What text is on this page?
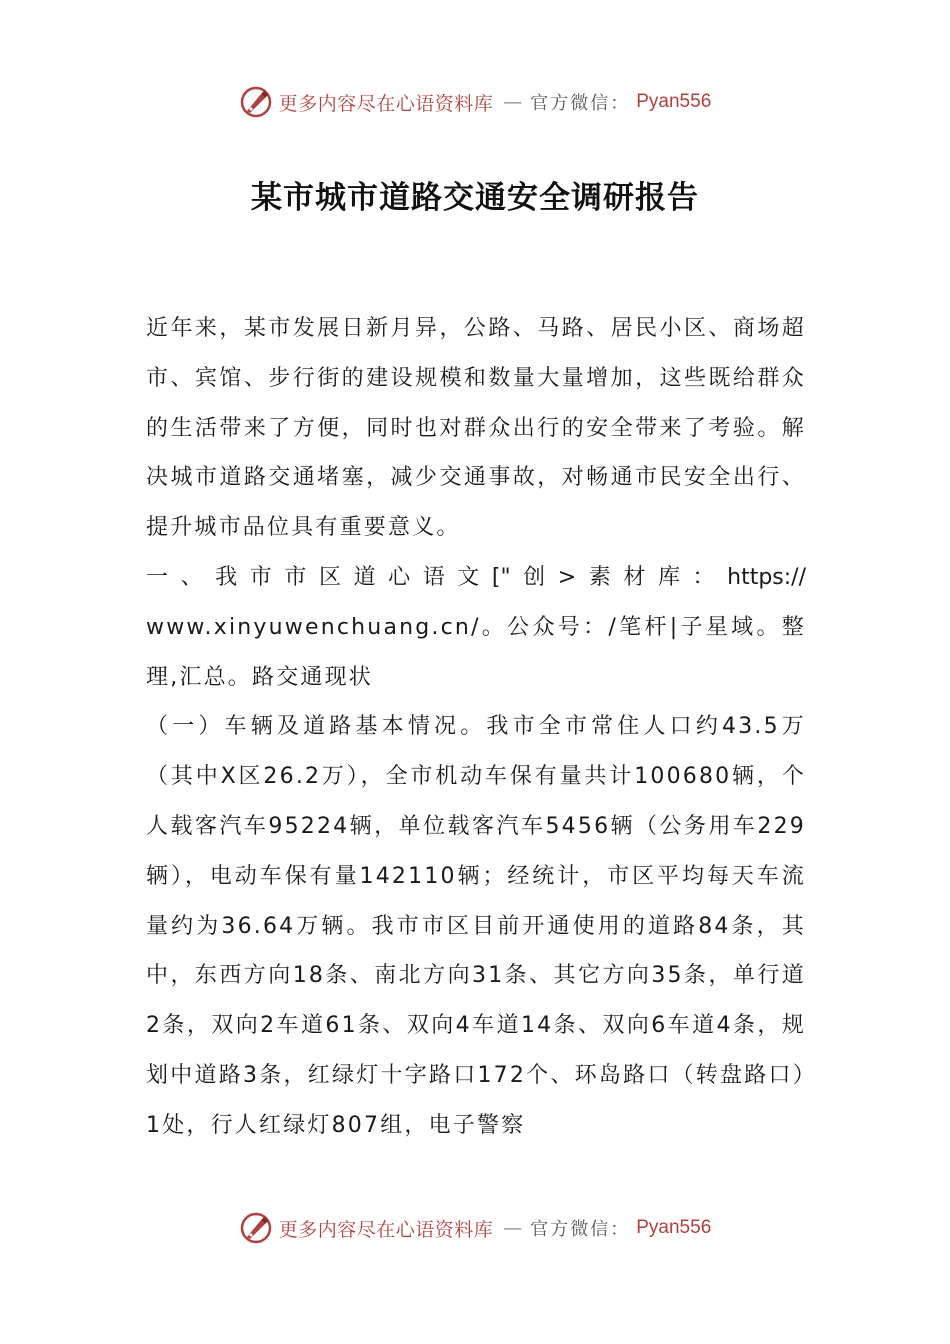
更多内容尽在心语资料库 — 官方微信： Pyan556
某市城市道路交通安全调研报告

近年来，某市发展日新月异，公路、马路、居民小区、商场超市、宾馆、步行街的建设规模和数量大量增加，这些既给群众的生活带来了方便，同时也对群众出行的安全带来了考验。解决城市道路交通堵塞，减少交通事故，对畅通市民安全出行、提升城市品位具有重要意义。

一、我市市区道心语文["创>素材库：https://

www.xinyuwenchuang.cn/。公众号：/笔杆|子星域。整理,汇总。路交通现状

（一）车辆及道路基本情况。我市全市常住人口约43.5万（其中X区26.2万），全市机动车保有量共计100680辆，个人载客汽车95224辆，单位载客汽车5456辆（公务用车229辆），电动车保有量142110辆；经统计，市区平均每天车流量约为36.64万辆。我市市区目前开通使用的道路84条，其中，东西方向18条、南北方向31条、其它方向35条，单行道2条，双向2车道61条、双向4车道14条、双向6车道4条，规划中道路3条，红绿灯十字路口172个、环岛路口（转盘路口）1处，行人红绿灯807组，电子警察

更多内容尽在心语资料库 — 官方微信： Pyan556
